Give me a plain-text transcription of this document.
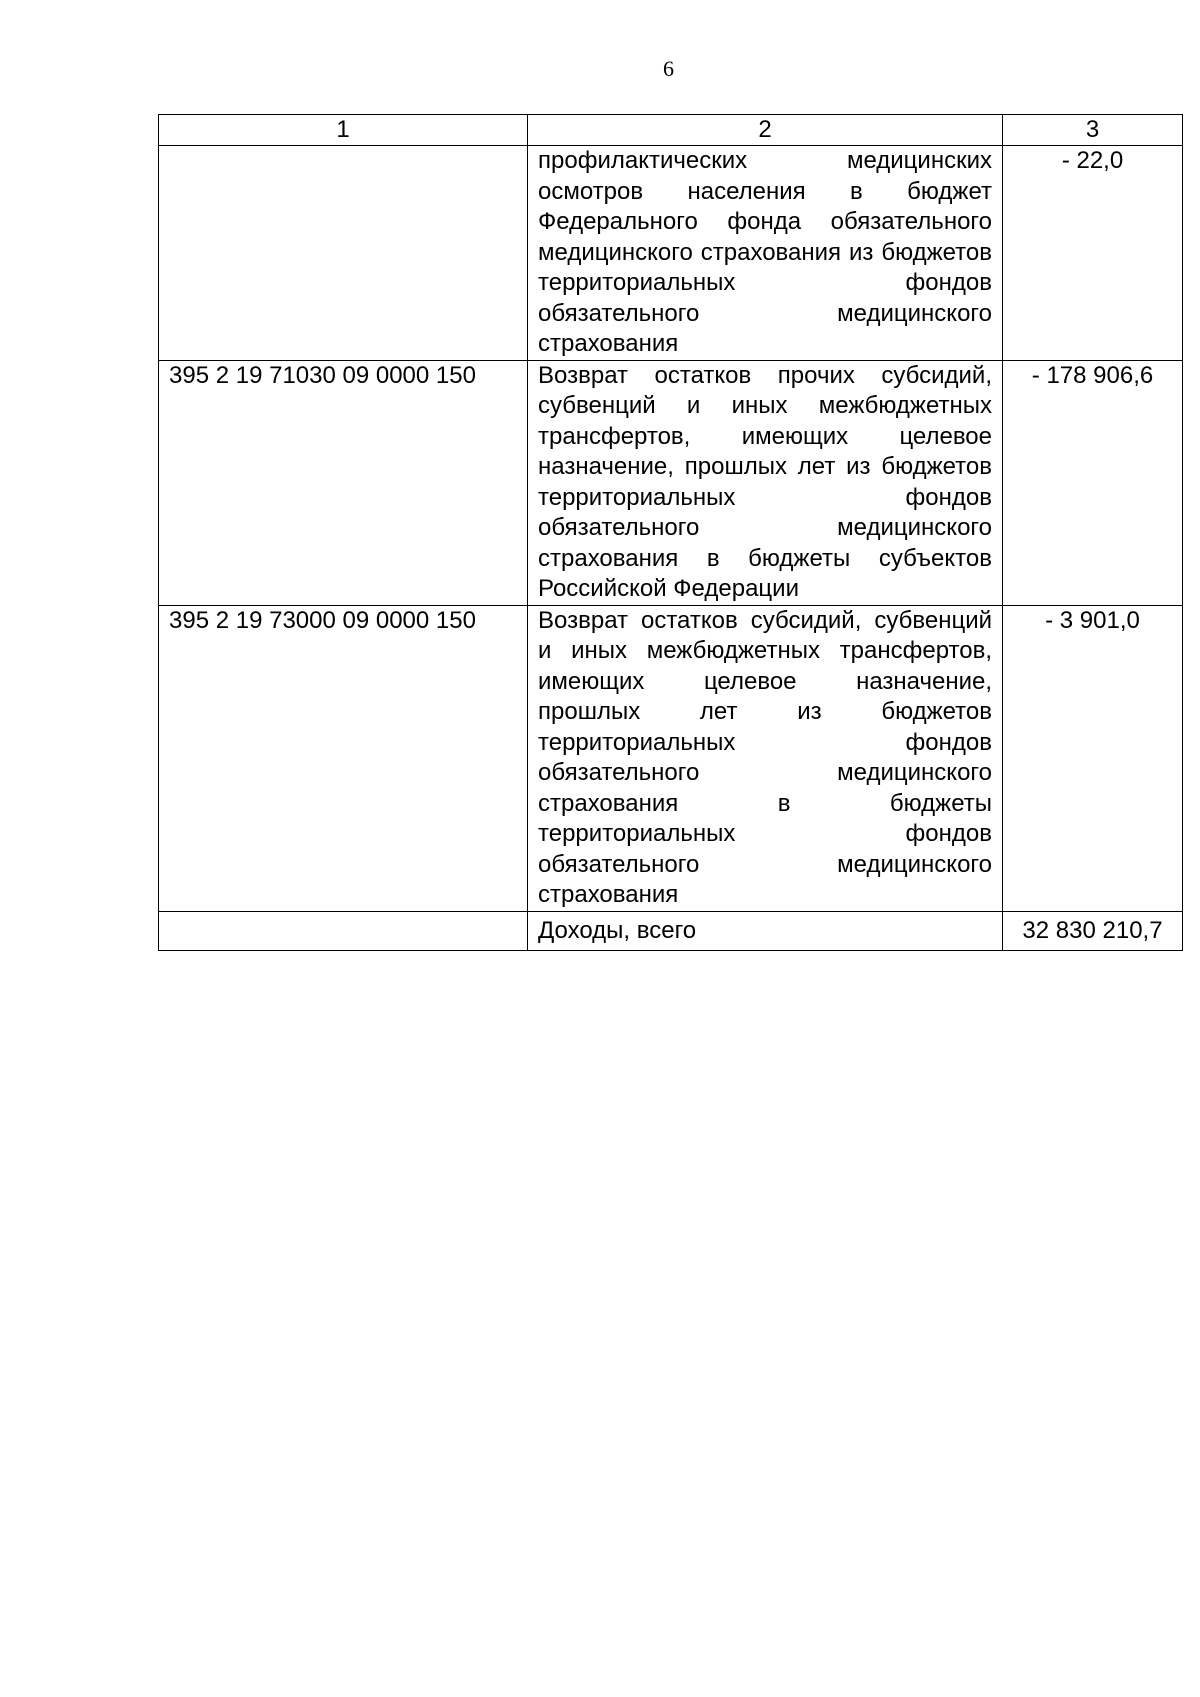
6
1	2	3
	профилактических медицинских осмотров населения в бюджет Федерального фонда обязательного медицинского страхования из бюджетов территориальных фондов обязательного медицинского страхования	- 22,0
395 2 19 71030 09 0000 150	Возврат остатков прочих субсидий, субвенций и иных межбюджетных трансфертов, имеющих целевое назначение, прошлых лет из бюджетов территориальных фондов обязательного медицинского страхования в бюджеты субъектов Российской Федерации	- 178 906,6
395 2 19 73000 09 0000 150	Возврат остатков субсидий, субвенций и иных межбюджетных трансфертов, имеющих целевое назначение, прошлых лет из бюджетов территориальных фондов обязательного медицинского страхования в бюджеты территориальных фондов обязательного медицинского страхования	- 3 901,0
	Доходы, всего	32 830 210,7
